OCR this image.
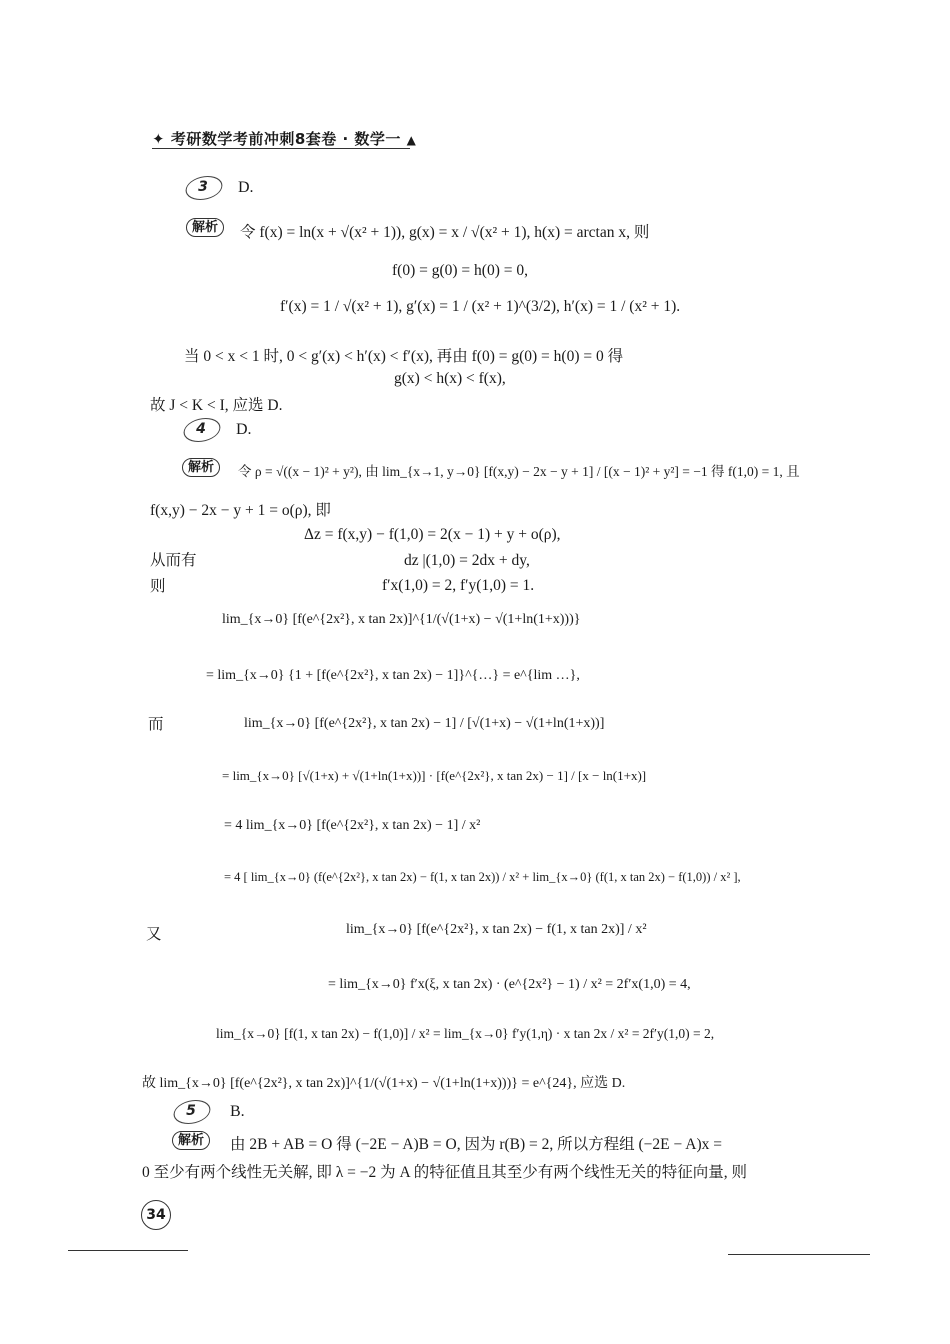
✦ 考研数学考前冲刺8套卷 · 数学一 ▲
3	D.
解析	令 f(x) = ln(x + √(x² + 1)), g(x) = x / √(x² + 1), h(x) = arctan x, 则
f(0) = g(0) = h(0) = 0,
f′(x) = 1 / √(x² + 1), g′(x) = 1 / (x² + 1)^(3/2), h′(x) = 1 / (x² + 1).
当 0 < x < 1 时, 0 < g′(x) < h′(x) < f′(x), 再由 f(0) = g(0) = h(0) = 0 得
g(x) < h(x) < f(x),
故 J < K < I, 应选 D.
4	D.
解析	令 ρ = √((x − 1)² + y²), 由 lim_{x→1, y→0} [f(x,y) − 2x − y + 1] / [(x − 1)² + y²] = −1 得 f(1,0) = 1, 且
f(x,y) − 2x − y + 1 = o(ρ), 即
Δz = f(x,y) − f(1,0) = 2(x − 1) + y + o(ρ),
从而有	dz |(1,0) = 2dx + dy,
则	f′x(1,0) = 2, f′y(1,0) = 1.
lim_{x→0} [f(e^{2x²}, x tan 2x)]^{1/(√(1+x) − √(1+ln(1+x)))}
= lim_{x→0} {1 + [f(e^{2x²}, x tan 2x) − 1]}^{…} = e^{lim …},
而	lim_{x→0} [f(e^{2x²}, x tan 2x) − 1] / [√(1+x) − √(1+ln(1+x))]
= lim_{x→0} [√(1+x) + √(1+ln(1+x))] · [f(e^{2x²}, x tan 2x) − 1] / [x − ln(1+x)]
= 4 lim_{x→0} [f(e^{2x²}, x tan 2x) − 1] / x²
= 4 [ lim_{x→0} (f(e^{2x²}, x tan 2x) − f(1, x tan 2x)) / x² + lim_{x→0} (f(1, x tan 2x) − f(1,0)) / x² ],
又	lim_{x→0} [f(e^{2x²}, x tan 2x) − f(1, x tan 2x)] / x²
= lim_{x→0} f′x(ξ, x tan 2x) · (e^{2x²} − 1) / x² = 2f′x(1,0) = 4,
lim_{x→0} [f(1, x tan 2x) − f(1,0)] / x² = lim_{x→0} f′y(1,η) · x tan 2x / x² = 2f′y(1,0) = 2,
故 lim_{x→0} [f(e^{2x²}, x tan 2x)]^{1/(√(1+x) − √(1+ln(1+x)))} = e^{24}, 应选 D.
5	B.
解析	由 2B + AB = O 得 (−2E − A)B = O, 因为 r(B) = 2, 所以方程组 (−2E − A)x =
0 至少有两个线性无关解, 即 λ = −2 为 A 的特征值且其至少有两个线性无关的特征向量, 则
34
